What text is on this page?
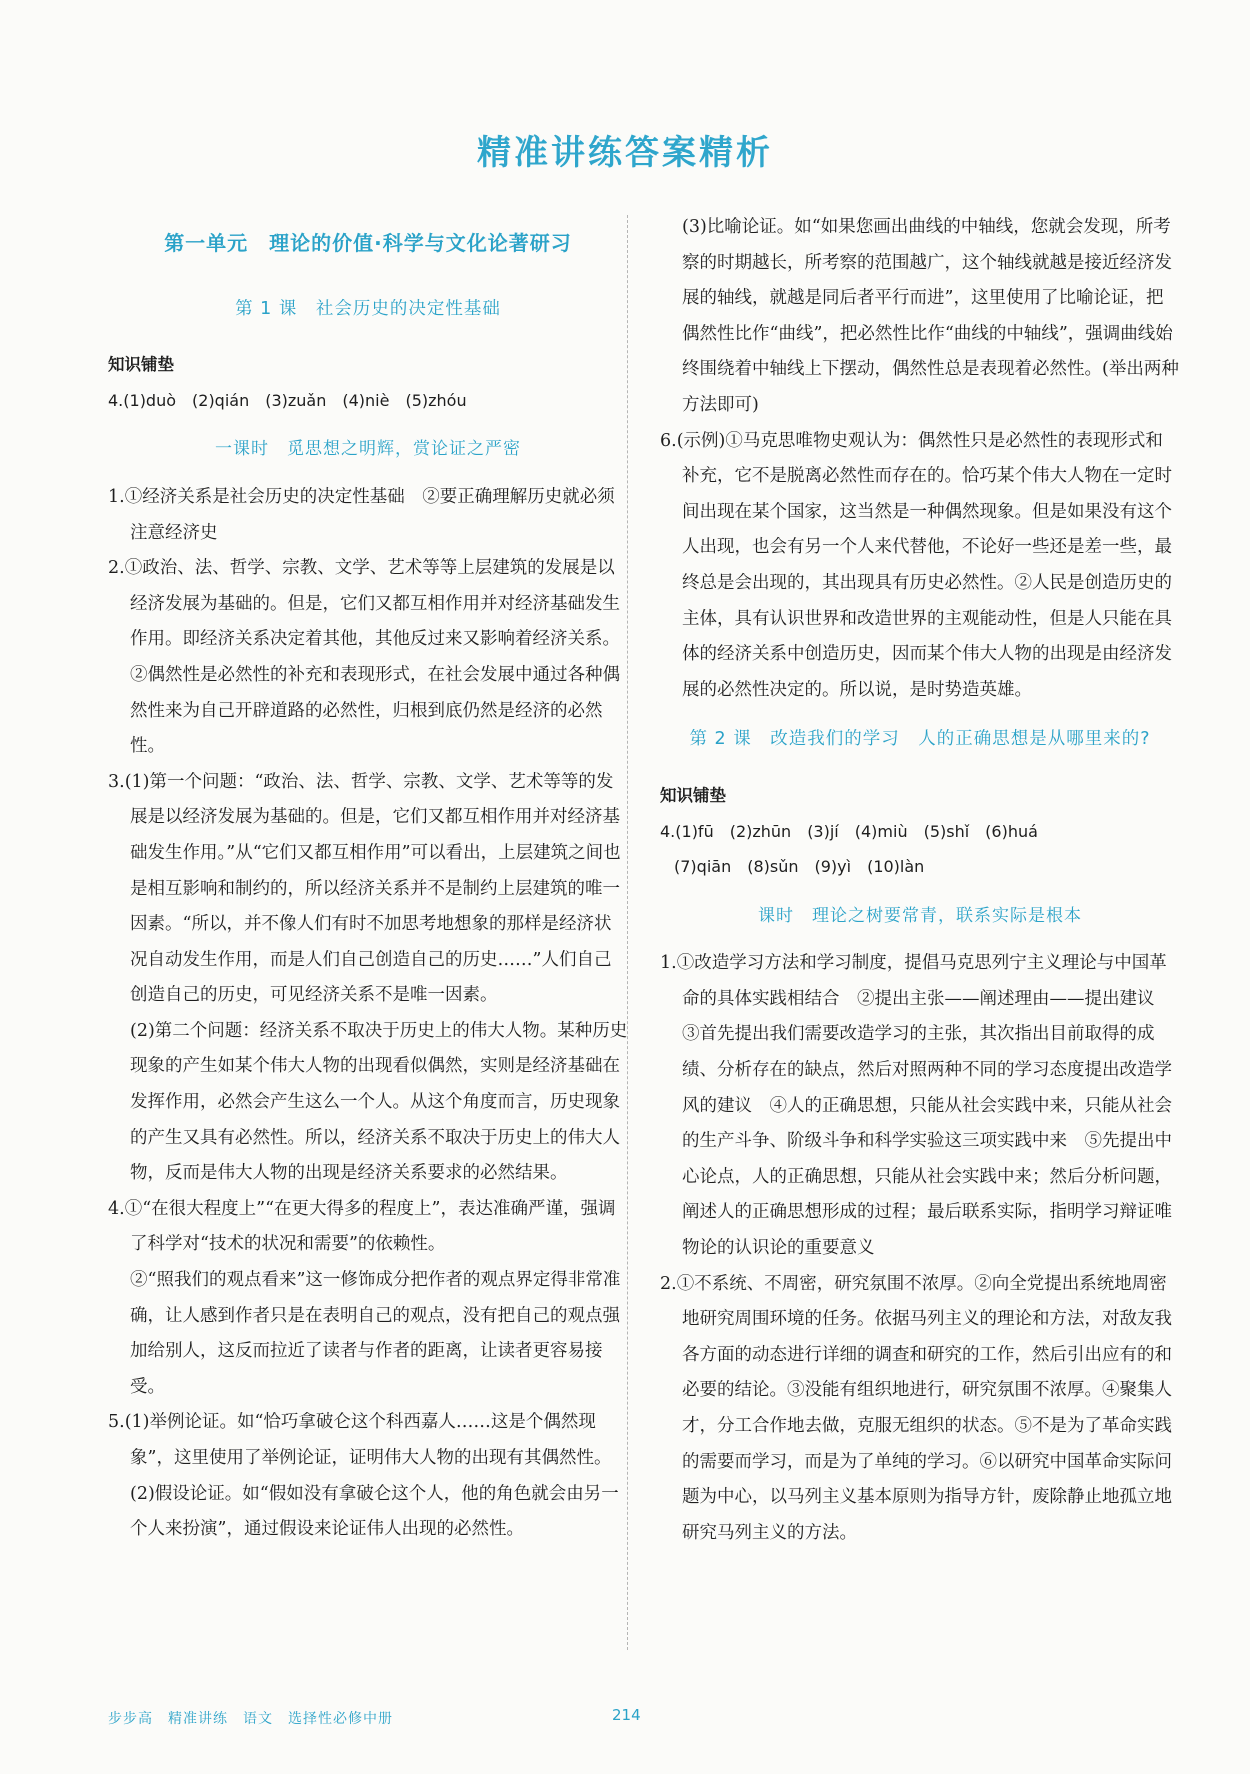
精准讲练答案精析
第一单元　理论的价值·科学与文化论著研习
第 1 课　社会历史的决定性基础
知识铺垫
4.(1)duò　(2)qián　(3)zuǎn　(4)niè　(5)zhóu
一课时　觅思想之明辉，赏论证之严密
1.①经济关系是社会历史的决定性基础　②要正确理解历史就必须注意经济史
2.①政治、法、哲学、宗教、文学、艺术等等上层建筑的发展是以经济发展为基础的。但是，它们又都互相作用并对经济基础发生作用。即经济关系决定着其他，其他反过来又影响着经济关系。②偶然性是必然性的补充和表现形式，在社会发展中通过各种偶然性来为自己开辟道路的必然性，归根到底仍然是经济的必然性。
3.(1)第一个问题：“政治、法、哲学、宗教、文学、艺术等等的发展是以经济发展为基础的。但是，它们又都互相作用并对经济基础发生作用。”从“它们又都互相作用”可以看出，上层建筑之间也是相互影响和制约的，所以经济关系并不是制约上层建筑的唯一因素。“所以，并不像人们有时不加思考地想象的那样是经济状况自动发生作用，而是人们自己创造自己的历史……”人们自己创造自己的历史，可见经济关系不是唯一因素。
(2)第二个问题：经济关系不取决于历史上的伟大人物。某种历史现象的产生如某个伟大人物的出现看似偶然，实则是经济基础在发挥作用，必然会产生这么一个人。从这个角度而言，历史现象的产生又具有必然性。所以，经济关系不取决于历史上的伟大人物，反而是伟大人物的出现是经济关系要求的必然结果。
4.①“在很大程度上”“在更大得多的程度上”，表达准确严谨，强调了科学对“技术的状况和需要”的依赖性。
②“照我们的观点看来”这一修饰成分把作者的观点界定得非常准确，让人感到作者只是在表明自己的观点，没有把自己的观点强加给别人，这反而拉近了读者与作者的距离，让读者更容易接受。
5.(1)举例论证。如“恰巧拿破仑这个科西嘉人……这是个偶然现象”，这里使用了举例论证，证明伟大人物的出现有其偶然性。
(2)假设论证。如“假如没有拿破仑这个人，他的角色就会由另一个人来扮演”，通过假设来论证伟人出现的必然性。
(3)比喻论证。如“如果您画出曲线的中轴线，您就会发现，所考察的时期越长，所考察的范围越广，这个轴线就越是接近经济发展的轴线，就越是同后者平行而进”，这里使用了比喻论证，把偶然性比作“曲线”，把必然性比作“曲线的中轴线”，强调曲线始终围绕着中轴线上下摆动，偶然性总是表现着必然性。(举出两种方法即可)
6.(示例)①马克思唯物史观认为：偶然性只是必然性的表现形式和补充，它不是脱离必然性而存在的。恰巧某个伟大人物在一定时间出现在某个国家，这当然是一种偶然现象。但是如果没有这个人出现，也会有另一个人来代替他，不论好一些还是差一些，最终总是会出现的，其出现具有历史必然性。②人民是创造历史的主体，具有认识世界和改造世界的主观能动性，但是人只能在具体的经济关系中创造历史，因而某个伟大人物的出现是由经济发展的必然性决定的。所以说，是时势造英雄。
第 2 课　改造我们的学习　人的正确思想是从哪里来的?
知识铺垫
4.(1)fū　(2)zhūn　(3)jí　(4)miù　(5)shǐ　(6)huá
(7)qiān　(8)sǔn　(9)yì　(10)làn
课时　理论之树要常青，联系实际是根本
1.①改造学习方法和学习制度，提倡马克思列宁主义理论与中国革命的具体实践相结合　②提出主张——阐述理由——提出建议　③首先提出我们需要改造学习的主张，其次指出目前取得的成绩、分析存在的缺点，然后对照两种不同的学习态度提出改造学风的建议　④人的正确思想，只能从社会实践中来，只能从社会的生产斗争、阶级斗争和科学实验这三项实践中来　⑤先提出中心论点，人的正确思想，只能从社会实践中来；然后分析问题，阐述人的正确思想形成的过程；最后联系实际，指明学习辩证唯物论的认识论的重要意义
2.①不系统、不周密，研究氛围不浓厚。②向全党提出系统地周密地研究周围环境的任务。依据马列主义的理论和方法，对敌友我各方面的动态进行详细的调查和研究的工作，然后引出应有的和必要的结论。③没能有组织地进行，研究氛围不浓厚。④聚集人才，分工合作地去做，克服无组织的状态。⑤不是为了革命实践的需要而学习，而是为了单纯的学习。⑥以研究中国革命实际问题为中心，以马列主义基本原则为指导方针，废除静止地孤立地研究马列主义的方法。
步步高　精准讲练　语文　选择性必修中册	214
